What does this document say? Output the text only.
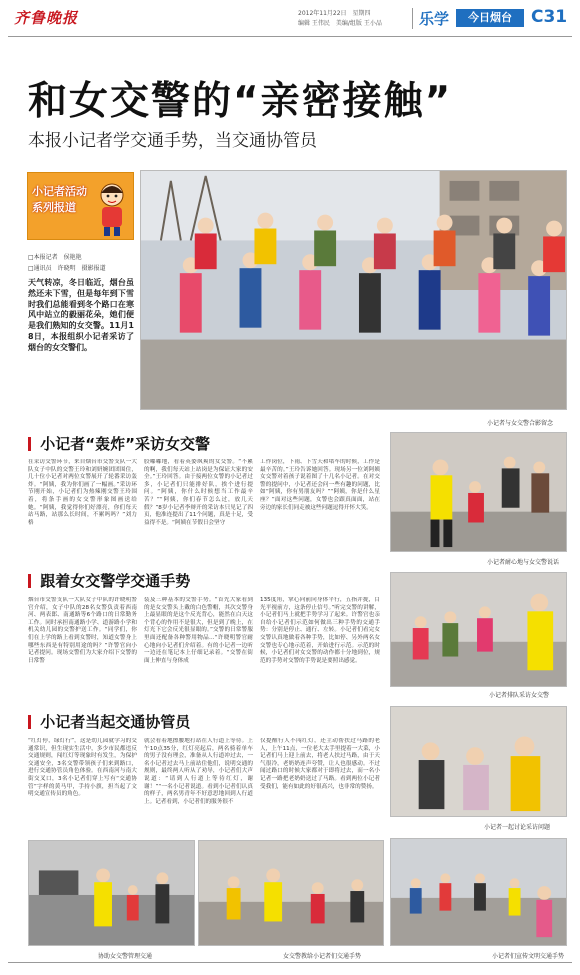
齐鲁晚报	2012年11月22日　星期四
编辑 王伟民　美编/组版 王小品	乐学	今日烟台	C31
和女交警的“亲密接触”
本报小记者学交通手势，当交通协管员
小记者活动
系列报道
□本报记者　侯艳艳
□通讯员　许晓明　摄影报道
天气转凉，冬日临近，烟台虽然还未下雪，但是每年到下雪时我们总能看到冬个路口在寒风中站立的毅丽花朵，她们便是我们熟知的女交警。11月18日，本报组织小记者采访了烟台的女交警们。
小记者与女交警合影留念
小记者“轰炸”采访女交警
在采访交警环节，来自烟台市交警支队一大队女子中队的交警王玲和刘妍婉团团围住，几十位小记者对两位女警展开了轮番采访轰炸。“阿姨，我为你们画了一幅画。”采访环节刚开始，小记者们为热辣刚交警王玲围着，将条手画的女交警形象图画送给她。“阿姨，我觉得你们好漂亮，你们每天站马路，站那么长时间，不累吗吗？”刘力格
胶嘟嘟地，看着英姿飒爽的女交警。“不累的啊，我们每天站上站岗是为保证大家的安全。”王玲回答。由于接两位女警的小记者过多，小记者们只能排好队，挨个进行提问。“阿姨，你什么时候想当工作最辛苦？”“阿姨，你们春节怎么过，放几天假？”8岁小记者李辩开的采访本只见记了四页，他准连提出了11个问题，真是十足，受益得不是。“阿姨在节假日会坚守
工作岗位，下雨、下雪天和堵车的时候，工作是最辛苦的。”王玲告诉她回答。现场另一位刘阿姨女交警对着孩子说着图了十几名小记者。在对交警的提问中，小记者还会问一些有趣的问题，比如“阿姨，你有男朋友吗？”“阿姨，你是什么星座？”面对这些问题，女警也会跟真面面，站在旁边的家长们同走被这些问题逗得开怀大笑。
跟着女交警学交通手势
烟台市交警支队一大队女子中队的许晓明警官介绍，女子中队的28名女警负责着西南河、两表郎、南通路等6个路口的日常勤务工作。同时承担南通路小学、道游路小学和机关幼儿园的交警护送工作。“同学们，你们在上学的路上看到女警时，知道女警身上哪些东西是有特别用途的吗？”许警官向小记者提问。现场交警们为大家介绍下交警的日常警
装及三种基本的交警手势。“首先大家看到的是女交警头上戴的白色警帽，其次交警身上最显眼的是这个反光背心，能然在白天这个背心的作用不是很大，但是到了晚上，在灯光下它会反光很显眼的。”交警的日常警服里面还配备各种警用物品…“许晓明警官耐心地向小记者们介绍着。有的小记者一边听一边还在笔记本上仔细记录着。“交警在街面上伸直与身体成
135度角，掌心向前向身体平行，五指并拢，目光平视前方，这条停止信号。”听完交警的讲解，小记者们马上就把手势学习了起来。许警官也亲自给小记者们示范如何做出三种手势的交通手势：分别是停止、通行、左转。小记者们看完女交警认真地做着各种手势，比如停、另外两名女交警也专心地示范着，开始进行示范。示范的时候，小记者们对女交警的动作都十分地到位，规范的手势对交警的手势说是要照出感觉。
小记者当起交通协管员
“红灯停，绿灯行”，这是幼儿园就学习的交通常识，但生现实生活中，多少市民都违反交通规则，闯红灯等现象时有发生，为保护交通安全，3名交警带领孩子们来到路口，进行交通协管员角色体验。在西南河与南大街交叉口，3名小记者们穿上写有“交通协管”字样的黄马甲，手持小旗，担当起了文明交通宣传员的角色。
就会看着地擦腰地打站在人行道上等待。上午10点35分，红灯亮起后，两名骑着单车的男子没有理会，准备从人行道冲过去，一名小记者过去马上前站住他们，说明交通的规则，最终两人听从了劝导，小记者们大声说道：“请到人行道上等待红灯，谢谢！”“一名小记者说道。看到小记者们认真的样子，两名男青年不好意思地回到人行道上。记者看到，小记者们的服务很不
仅提醒行人不闯红灯，还主动帮扶过马路的老人，上午11点，一位老大太手里提着一大菜，小记者们马上迎上前去，将老人扶过马路，由于天气很冷，老奶奶连声夸赞，让人也很感动。不过闻过路口的时候大家都对于即将过去，而一名小记者一路把老奶奶送过了马路。看到两位小记者受我们，能有如此的好很高兴，也非常的赞扬。
小记者耐心地与女交警说话
小记者排队采访女交警
小记者一起讨论采访问题
小记者们宣传文明交通手势
协助女交警管理交通	女交警教给小记者们交通手势
